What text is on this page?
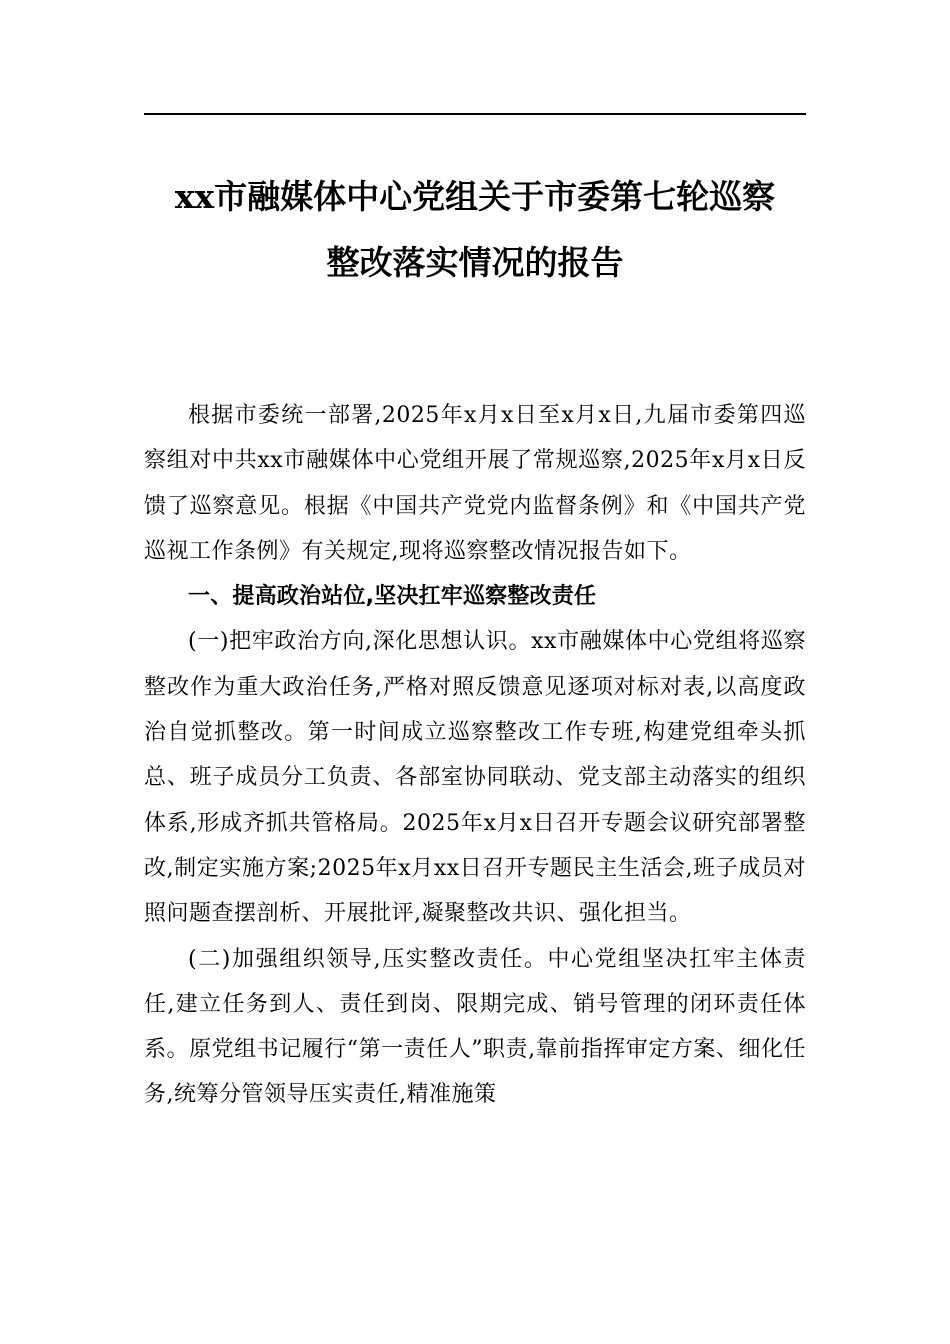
xx市融媒体中心党组关于市委第七轮巡察
整改落实情况的报告

根据市委统一部署,2025年x月x日至x月x日,九届市委第四巡察组对中共xx市融媒体中心党组开展了常规巡察,2025年x月x日反馈了巡察意见。根据《中国共产党党内监督条例》和《中国共产党巡视工作条例》有关规定,现将巡察整改情况报告如下。

一、提高政治站位,坚决扛牢巡察整改责任

(一)把牢政治方向,深化思想认识。xx市融媒体中心党组将巡察整改作为重大政治任务,严格对照反馈意见逐项对标对表,以高度政治自觉抓整改。第一时间成立巡察整改工作专班,构建党组牵头抓总、班子成员分工负责、各部室协同联动、党支部主动落实的组织体系,形成齐抓共管格局。2025年x月x日召开专题会议研究部署整改,制定实施方案;2025年x月xx日召开专题民主生活会,班子成员对照问题查摆剖析、开展批评,凝聚整改共识、强化担当。

(二)加强组织领导,压实整改责任。中心党组坚决扛牢主体责任,建立任务到人、责任到岗、限期完成、销号管理的闭环责任体系。原党组书记履行“第一责任人”职责,靠前指挥审定方案、细化任务,统筹分管领导压实责任,精准施策
